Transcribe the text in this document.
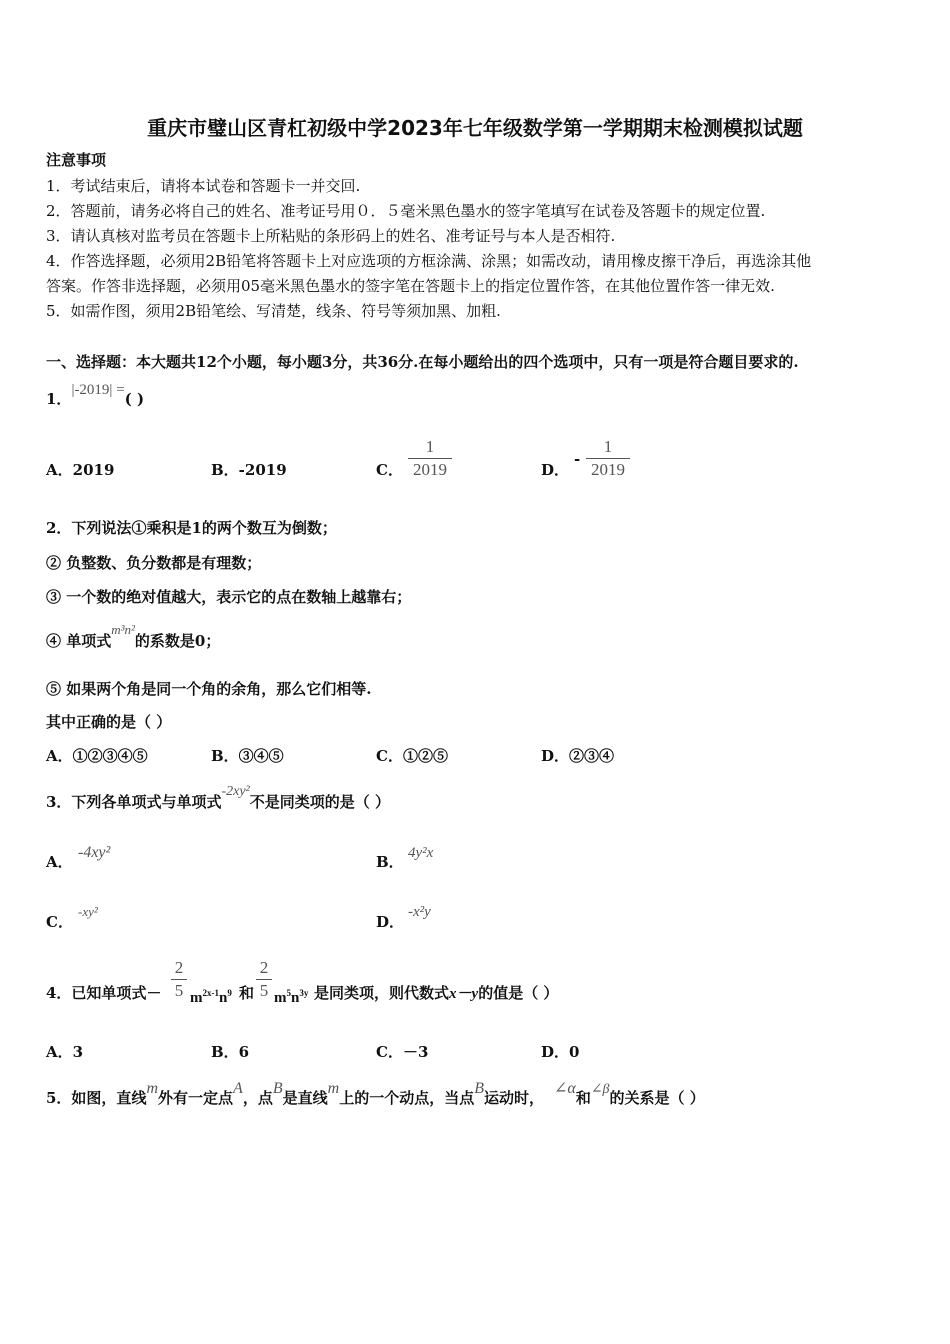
重庆市璧山区青杠初级中学2023年七年级数学第一学期期末检测模拟试题
注意事项
1．考试结束后，请将本试卷和答题卡一并交回.
2．答题前，请务必将自己的姓名、准考证号用０．５毫米黑色墨水的签字笔填写在试卷及答题卡的规定位置.
3．请认真核对监考员在答题卡上所粘贴的条形码上的姓名、准考证号与本人是否相符.
4．作答选择题，必须用2B铅笔将答题卡上对应选项的方框涂满、涂黑；如需改动，请用橡皮擦干净后，再选涂其他
答案。作答非选择题，必须用05毫米黑色墨水的签字笔在答题卡上的指定位置作答，在其他位置作答一律无效.
5．如需作图，须用2B铅笔绘、写清楚，线条、符号等须加黑、加粗.
一、选择题：本大题共12个小题，每小题3分，共36分.在每小题给出的四个选项中，只有一项是符合题目要求的.
1．|-2019| =( )
A．2019	B．-2019	C．
1
2019	D．
-
1
2019
2．下列说法①乘积是1的两个数互为倒数；
② 负整数、负分数都是有理数；
③ 一个数的绝对值越大，表示它的点在数轴上越靠右；
④ 单项式m³n²的系数是0；
⑤ 如果两个角是同一个角的余角，那么它们相等.
其中正确的是（ ）
A．①②③④⑤	B．③④⑤	C．①②⑤	D．②③④
3．下列各单项式与单项式-2xy²不是同类项的是（ ）
A．
-4xy²
B． 4y²x
C．
-xy²
D．
-x²y
4．已知单项式－
2
5 $m^{2x-1}n^9$ 和
2
5 $m^5n^{3y}$ 是同类项，则代数式x－y的值是（ ）
A．3	B．6	C．－3	D．0
5．如图，直线m外有一定点A，点B是直线m上的一个动点，当点B运动时，∠α和∠β的关系是（ ）
